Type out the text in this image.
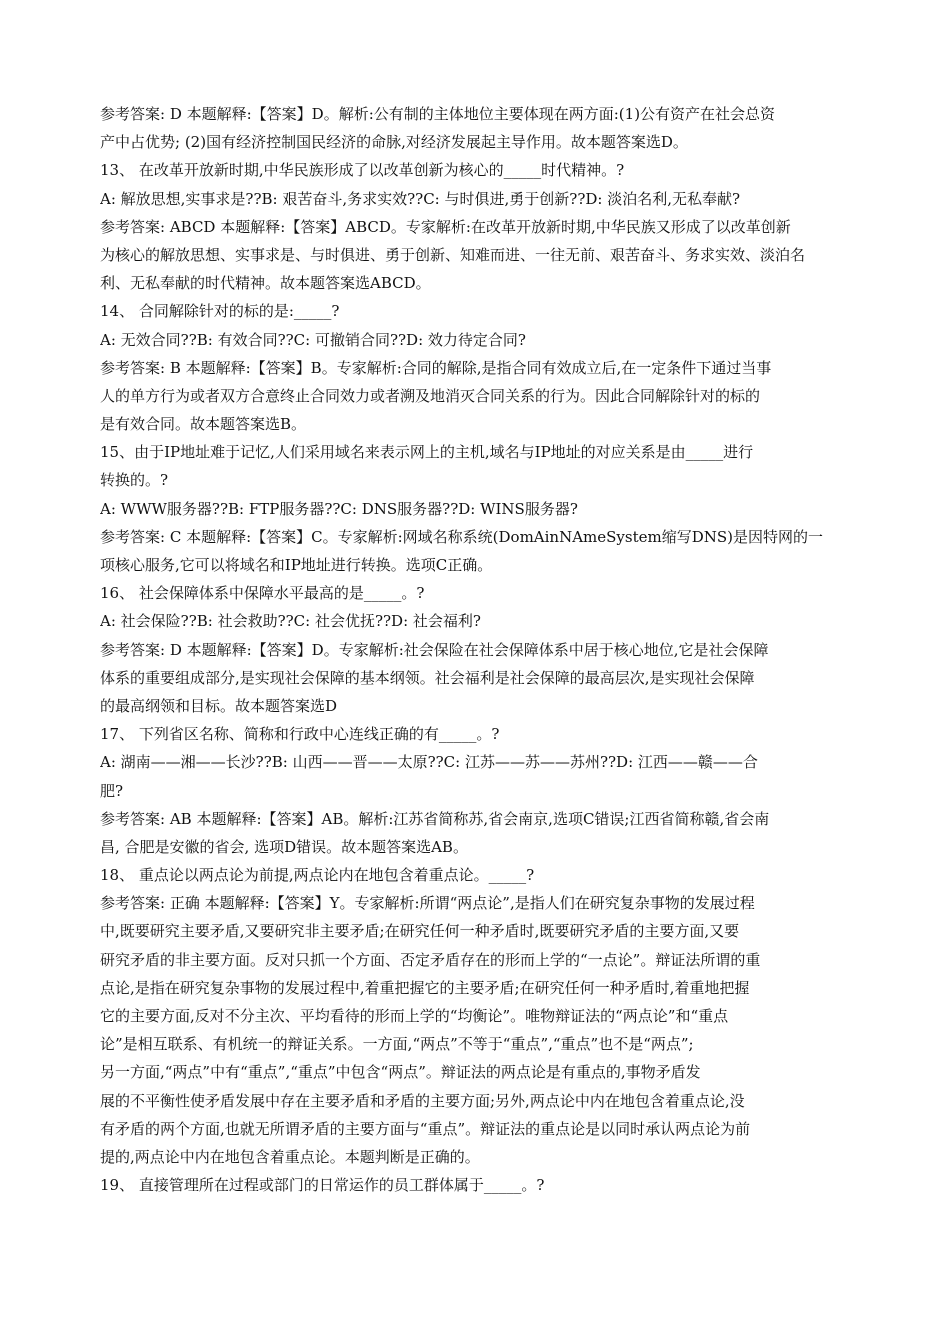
参考答案: D 本题解释:【答案】D。解析:公有制的主体地位主要体现在两方面:(1)公有资产在社会总资
产中占优势; (2)国有经济控制国民经济的命脉,对经济发展起主导作用。故本题答案选D。
13、 在改革开放新时期,中华民族形成了以改革创新为核心的_____时代精神。?
A: 解放思想,实事求是??B: 艰苦奋斗,务求实效??C: 与时俱进,勇于创新??D: 淡泊名利,无私奉献?
参考答案: ABCD 本题解释:【答案】ABCD。专家解析:在改革开放新时期,中华民族又形成了以改革创新
为核心的解放思想、实事求是、与时俱进、勇于创新、知难而进、一往无前、艰苦奋斗、务求实效、淡泊名
利、无私奉献的时代精神。故本题答案选ABCD。
14、 合同解除针对的标的是:_____?
A: 无效合同??B: 有效合同??C: 可撤销合同??D: 效力待定合同?
参考答案: B 本题解释:【答案】B。专家解析:合同的解除,是指合同有效成立后,在一定条件下通过当事
人的单方行为或者双方合意终止合同效力或者溯及地消灭合同关系的行为。因此合同解除针对的标的
是有效合同。故本题答案选B。
15、由于IP地址难于记忆,人们采用域名来表示网上的主机,域名与IP地址的对应关系是由_____进行
转换的。?
A: WWW服务器??B: FTP服务器??C: DNS服务器??D: WINS服务器?
参考答案: C 本题解释:【答案】C。专家解析:网域名称系统(DomAinNAmeSystem缩写DNS)是因特网的一
项核心服务,它可以将域名和IP地址进行转换。选项C正确。
16、 社会保障体系中保障水平最高的是_____。?
A: 社会保险??B: 社会救助??C: 社会优抚??D: 社会福利?
参考答案: D 本题解释:【答案】D。专家解析:社会保险在社会保障体系中居于核心地位,它是社会保障
体系的重要组成部分,是实现社会保障的基本纲领。社会福利是社会保障的最高层次,是实现社会保障
的最高纲领和目标。故本题答案选D
17、 下列省区名称、简称和行政中心连线正确的有_____。?
A: 湖南——湘——长沙??B: 山西——晋——太原??C: 江苏——苏——苏州??D: 江西——赣——合
肥?
参考答案: AB 本题解释:【答案】AB。解析:江苏省简称苏,省会南京,选项C错误;江西省简称赣,省会南
昌, 合肥是安徽的省会, 选项D错误。故本题答案选AB。
18、 重点论以两点论为前提,两点论内在地包含着重点论。_____?
参考答案: 正确 本题解释:【答案】Y。专家解析:所谓“两点论”,是指人们在研究复杂事物的发展过程
中,既要研究主要矛盾,又要研究非主要矛盾;在研究任何一种矛盾时,既要研究矛盾的主要方面,又要
研究矛盾的非主要方面。反对只抓一个方面、否定矛盾存在的形而上学的“一点论”。辩证法所谓的重
点论,是指在研究复杂事物的发展过程中,着重把握它的主要矛盾;在研究任何一种矛盾时,着重地把握
它的主要方面,反对不分主次、平均看待的形而上学的“均衡论”。唯物辩证法的“两点论”和“重点
论”是相互联系、有机统一的辩证关系。一方面,“两点”不等于“重点”,“重点”也不是“两点”;
另一方面,“两点”中有“重点”,“重点”中包含“两点”。辩证法的两点论是有重点的,事物矛盾发
展的不平衡性使矛盾发展中存在主要矛盾和矛盾的主要方面;另外,两点论中内在地包含着重点论,没
有矛盾的两个方面,也就无所谓矛盾的主要方面与“重点”。辩证法的重点论是以同时承认两点论为前
提的,两点论中内在地包含着重点论。本题判断是正确的。
19、 直接管理所在过程或部门的日常运作的员工群体属于_____。?
